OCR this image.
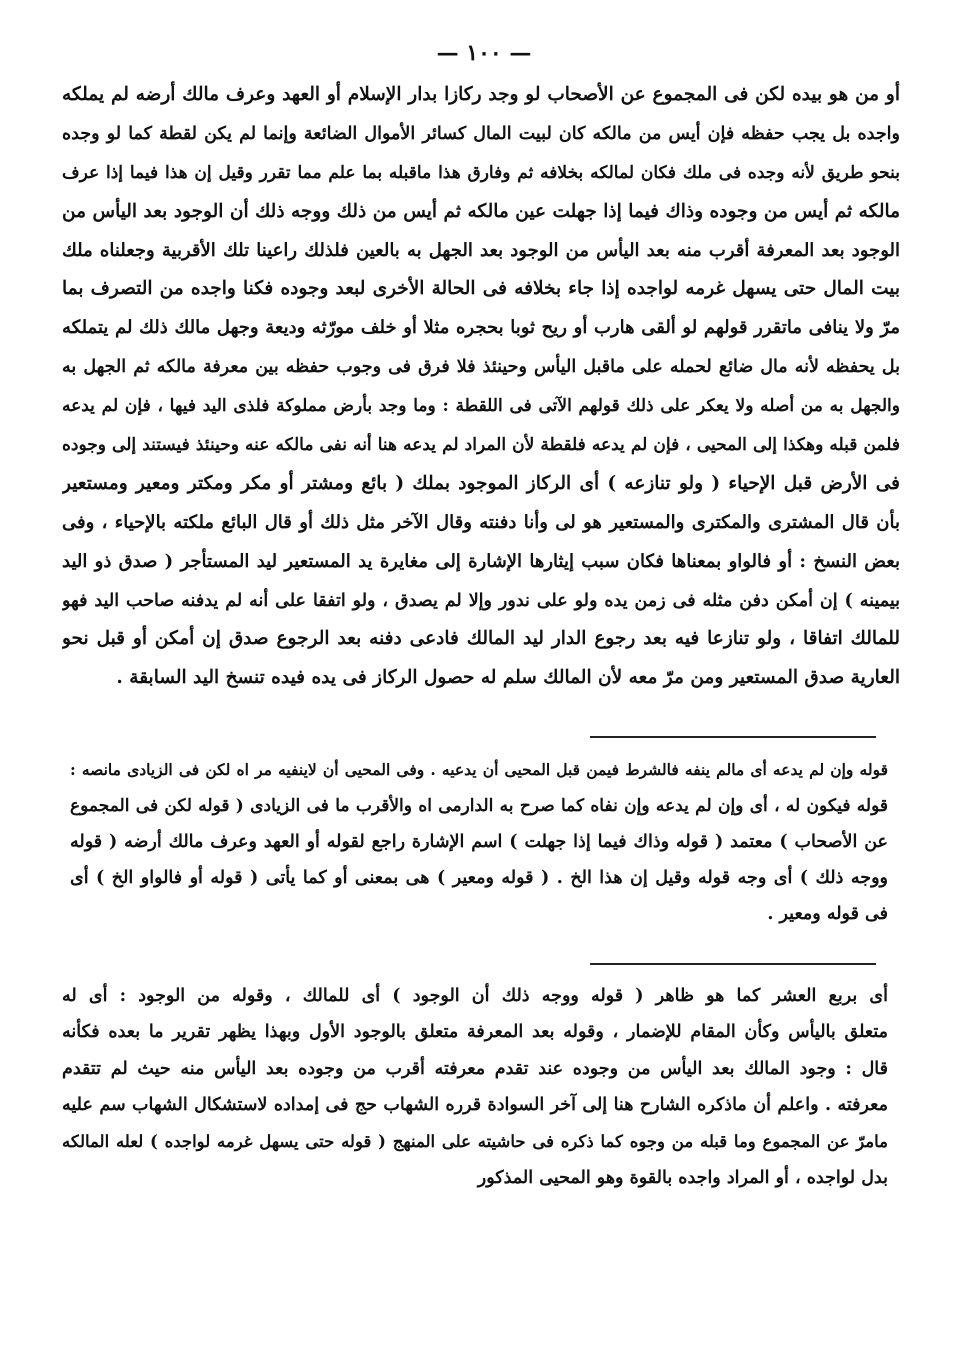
— ١٠٠ —
أو من هو بيده لكن فى المجموع عن الأصحاب لو وجد ركازا بدار الإسلام أو العهد وعرف مالك أرضه لم يملكه
واجده بل يجب حفظه فإن أيس من مالكه كان لبيت المال كسائر الأموال الضائعة وإنما لم يكن لقطة كما لو وجده
بنحو طريق لأنه وجده فى ملك فكان لمالكه بخلافه ثم وفارق هذا ماقبله بما علم مما تقرر وقيل إن هذا فيما إذا عرف
مالكه ثم أيس من وجوده وذاك فيما إذا جهلت عين مالكه ثم أيس من ذلك ووجه ذلك أن الوجود بعد اليأس من
الوجود بعد المعرفة أقرب منه بعد اليأس من الوجود بعد الجهل به بالعين فلذلك راعينا تلك الأقربية وجعلناه ملك
بيت المال حتى يسهل غرمه لواجده إذا جاء بخلافه فى الحالة الأخرى لبعد وجوده فكنا واجده من التصرف بما
مرّ ولا ينافى ماتقرر قولهم لو ألقى هارب أو ريح ثوبا بحجره مثلا أو خلف مورّثه وديعة وجهل مالك ذلك لم يتملكه
بل يحفظه لأنه مال ضائع لحمله على ماقبل اليأس وحينئذ فلا فرق فى وجوب حفظه بين معرفة مالكه ثم الجهل به
والجهل به من أصله ولا يعكر على ذلك قولهم الآتى فى اللقطة : وما وجد بأرض مملوكة فلذى اليد فيها ، فإن لم يدعه
فلمن قبله وهكذا إلى المحيى ، فإن لم يدعه فلقطة لأن المراد لم يدعه هنا أنه نفى مالكه عنه وحينئذ فيستند إلى وجوده
فى الأرض قبل الإحياء ( ولو تنازعه ) أى الركاز الموجود بملك ( بائع ومشتر أو مكر ومكتر ومعير ومستعير
بأن قال المشترى والمكترى والمستعير هو لى وأنا دفنته وقال الآخر مثل ذلك أو قال البائع ملكته بالإحياء ، وفى
بعض النسخ : أو فالواو بمعناها فكان سبب إيثارها الإشارة إلى مغايرة يد المستعير ليد المستأجر ( صدق ذو اليد
بيمينه ) إن أمكن دفن مثله فى زمن يده ولو على ندور وإلا لم يصدق ، ولو اتفقا على أنه لم يدفنه صاحب اليد فهو
للمالك اتفاقا ، ولو تنازعا فيه بعد رجوع الدار ليد المالك فادعى دفنه بعد الرجوع صدق إن أمكن أو قبل نحو
العارية صدق المستعير ومن مرّ معه لأن المالك سلم له حصول الركاز فى يده فيده تنسخ اليد السابقة .
قوله وإن لم يدعه أى مالم ينفه فالشرط فيمن قبل المحيى أن يدعيه . وفى المحيى أن لاينفيه مر اه لكن فى الزيادى مانصه :
قوله فيكون له ، أى وإن لم يدعه وإن نفاه كما صرح به الدارمى اه والأقرب ما فى الزيادى ( قوله لكن فى المجموع
عن الأصحاب ) معتمد ( قوله وذاك فيما إذا جهلت ) اسم الإشارة راجع لقوله أو العهد وعرف مالك أرضه ( قوله
ووجه ذلك ) أى وجه قوله وقيل إن هذا الخ . ( قوله ومعير ) هى بمعنى أو كما يأتى ( قوله أو فالواو الخ ) أى
فى قوله ومعير .
أى بربع العشر كما هو ظاهر ( قوله ووجه ذلك أن الوجود ) أى للمالك ، وقوله من الوجود : أى له
متعلق باليأس وكأن المقام للإضمار ، وقوله بعد المعرفة متعلق بالوجود الأول وبهذا يظهر تقرير ما بعده فكأنه
قال : وجود المالك بعد اليأس من وجوده عند تقدم معرفته أقرب من وجوده بعد اليأس منه حيث لم تتقدم
معرفته . واعلم أن ماذكره الشارح هنا إلى آخر السوادة قرره الشهاب حج فى إمداده لاستشكال الشهاب سم عليه
مامرّ عن المجموع وما قبله من وجوه كما ذكره فى حاشيته على المنهج ( قوله حتى يسهل غرمه لواجده ) لعله المالكه
بدل لواجده ، أو المراد واجده بالقوة وهو المحيى المذكور
